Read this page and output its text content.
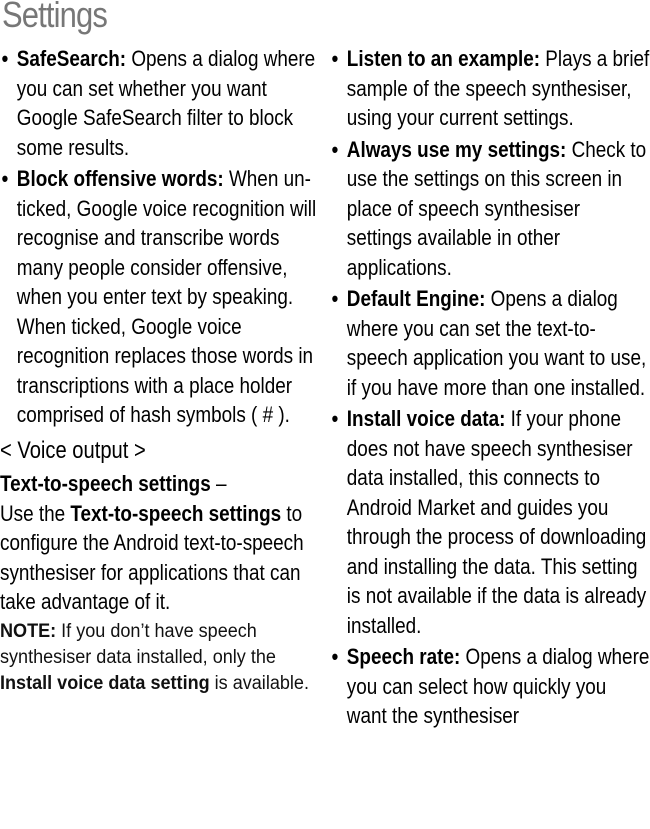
Settings
• SafeSearch: Opens a dialog where you can set whether you want Google SafeSearch filter to block some results.
• Block offensive words: When un-ticked, Google voice recognition will recognise and transcribe words many people consider offensive, when you enter text by speaking. When ticked, Google voice recognition replaces those words in transcriptions with a place holder comprised of hash symbols ( # ).
< Voice output >

Text-to-speech settings –
Use the Text-to-speech settings to configure the Android text-to-speech synthesiser for applications that can take advantage of it.

NOTE: If you don’t have speech synthesiser data installed, only the Install voice data setting is available.
• Listen to an example: Plays a brief sample of the speech synthesiser, using your current settings.
• Always use my settings: Check to use the settings on this screen in place of speech synthesiser settings available in other applications.
• Default Engine: Opens a dialog where you can set the text-to-speech application you want to use, if you have more than one installed.
• Install voice data: If your phone does not have speech synthesiser data installed, this connects to Android Market and guides you through the process of downloading and installing the data. This setting is not available if the data is already installed.
• Speech rate: Opens a dialog where you can select how quickly you want the synthesiser
